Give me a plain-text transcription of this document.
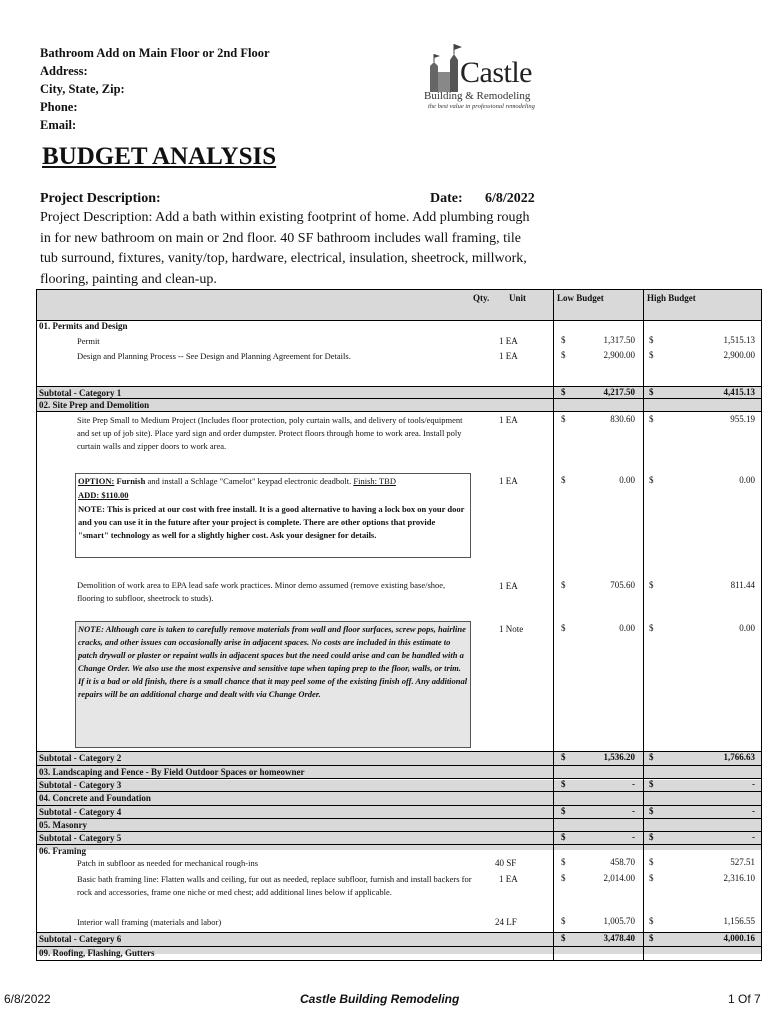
Bathroom Add on Main Floor or 2nd Floor
Address:
City, State, Zip:
Phone:
Email:
Castle
Building & Remodeling
the best value in professional remodeling
BUDGET ANALYSIS
Project Description:	Date: 6/8/2022
Project Description: Add a bath within existing footprint of home. Add plumbing rough in for new bathroom on main or 2nd floor. 40 SF bathroom includes wall framing, tile tub surround, fixtures, vanity/top, hardware, electrical, insulation, sheetrock, millwork, flooring, painting and clean-up.
Qty. Unit	Low Budget	High Budget
01. Permits and Design
Permit	1 EA	$	1,317.50 $	1,515.13
Design and Planning Process -- See Design and Planning Agreement for Details.	1 EA	$	2,900.00 $	2,900.00
Subtotal - Category 1	$	4,217.50 $	4,415.13
02. Site Prep and Demolition
Site Prep Small to Medium Project (Includes floor protection, poly curtain walls, and delivery of tools/equipment and set up of job site). Place yard sign and order dumpster. Protect floors through home to work area. Install poly curtain walls and zipper doors to work area.
1 EA	$	830.60 $	955.19
OPTION: Furnish and install a Schlage "Camelot" keypad electronic deadbolt. Finish: TBD
ADD: $110.00
NOTE: This is priced at our cost with free install. It is a good alternative to having a lock box on your door and you can use it in the future after your project is complete. There are other options that provide "smart" technology as well for a slightly higher cost. Ask your designer for details.
1 EA	$	0.00 $	0.00
Demolition of work area to EPA lead safe work practices. Minor demo assumed (remove existing base/shoe, flooring to subfloor, sheetrock to studs).
1 EA	$	705.60 $	811.44
NOTE: Although care is taken to carefully remove materials from wall and floor surfaces, screw pops, hairline cracks, and other issues can occasionally arise in adjacent spaces. No costs are included in this estimate to patch drywall or plaster or repaint walls in adjacent spaces but the need could arise and can be handled with a Change Order. We also use the most expensive and sensitive tape when taping prep to the floor, walls, or trim. If it is a bad or old finish, there is a small chance that it may peel some of the existing finish off. Any additional repairs will be an additional charge and dealt with via Change Order.
1 Note	$	0.00 $	0.00
Subtotal - Category 2	$	1,536.20 $	1,766.63
03. Landscaping and Fence - By Field Outdoor Spaces or homeowner
Subtotal - Category 3	$	- $	-
04. Concrete and Foundation
Subtotal - Category 4	$	- $	-
05. Masonry
Subtotal - Category 5	$	- $	-
06. Framing
Patch in subfloor as needed for mechanical rough-ins	40 SF	$	458.70 $	527.51
Basic bath framing line: Flatten walls and ceiling, fur out as needed, replace subfloor, furnish and install backers for rock and accessories, frame one niche or med chest; add additional lines below if applicable.
1 EA	$	2,014.00 $	2,316.10
Interior wall framing (materials and labor)	24 LF	$	1,005.70 $	1,156.55
Subtotal - Category 6	$	3,478.40 $	4,000.16
09. Roofing, Flashing, Gutters
6/8/2022	Castle Building Remodeling	1 Of 7
